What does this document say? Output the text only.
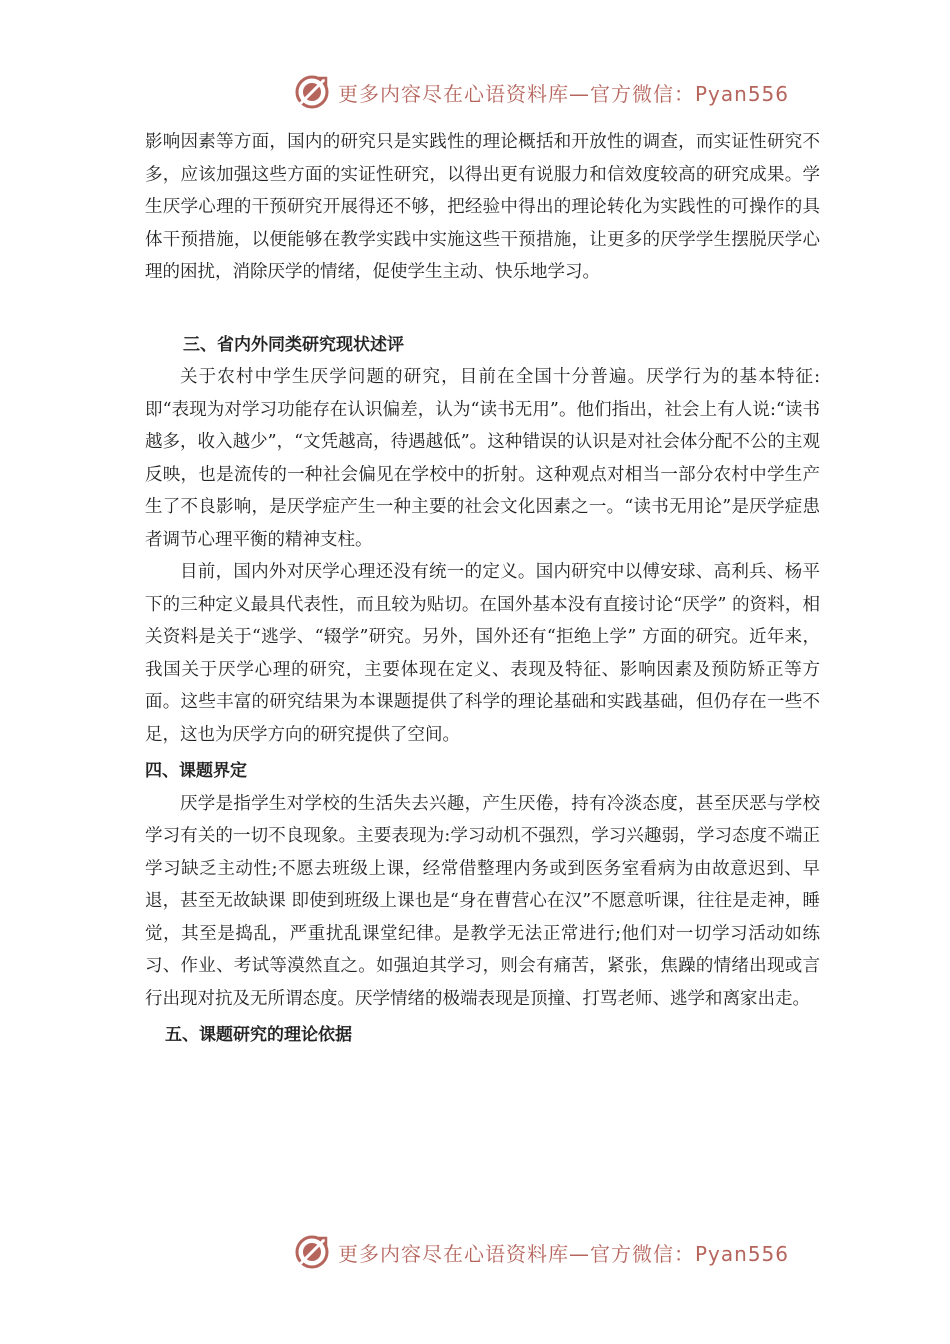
更多内容尽在心语资料库—官方微信：Pyan556

影响因素等方面，国内的研究只是实践性的理论概括和开放性的调查，而实证性研究不多，应该加强这些方面的实证性研究，以得出更有说服力和信效度较高的研究成果。学生厌学心理的干预研究开展得还不够，把经验中得出的理论转化为实践性的可操作的具体干预措施，以便能够在教学实践中实施这些干预措施，让更多的厌学学生摆脱厌学心理的困扰，消除厌学的情绪，促使学生主动、快乐地学习。

三、省内外同类研究现状述评

关于农村中学生厌学问题的研究，目前在全国十分普遍。厌学行为的基本特征:即“表现为对学习功能存在认识偏差，认为“读书无用”。他们指出，社会上有人说:“读书越多，收入越少”，“文凭越高，待遇越低”。这种错误的认识是对社会体分配不公的主观反映，也是流传的一种社会偏见在学校中的折射。这种观点对相当一部分农村中学生产生了不良影响，是厌学症产生一种主要的社会文化因素之一。“读书无用论”是厌学症患者调节心理平衡的精神支柱。

目前，国内外对厌学心理还没有统一的定义。国内研究中以傅安球、高利兵、杨平下的三种定义最具代表性，而且较为贴切。在国外基本没有直接讨论“厌学” 的资料，相关资料是关于“逃学、“辍学”研究。另外，国外还有“拒绝上学” 方面的研究。近年来，我国关于厌学心理的研究，主要体现在定义、表现及特征、影响因素及预防矫正等方面。这些丰富的研究结果为本课题提供了科学的理论基础和实践基础，但仍存在一些不足，这也为厌学方向的研究提供了空间。

四、课题界定

厌学是指学生对学校的生活失去兴趣，产生厌倦，持有冷淡态度，甚至厌恶与学校学习有关的一切不良现象。主要表现为:学习动机不强烈，学习兴趣弱，学习态度不端正学习缺乏主动性;不愿去班级上课，经常借整理内务或到医务室看病为由故意迟到、早退，甚至无故缺课 即使到班级上课也是“身在曹营心在汉”不愿意听课，往往是走神，睡觉，其至是捣乱，严重扰乱课堂纪律。是教学无法正常进行;他们对一切学习活动如练习、作业、考试等漠然直之。如强迫其学习，则会有痛苦，紧张，焦躁的情绪出现或言行出现对抗及无所谓态度。厌学情绪的极端表现是顶撞、打骂老师、逃学和离家出走。

五、课题研究的理论依据

更多内容尽在心语资料库—官方微信：Pyan556
